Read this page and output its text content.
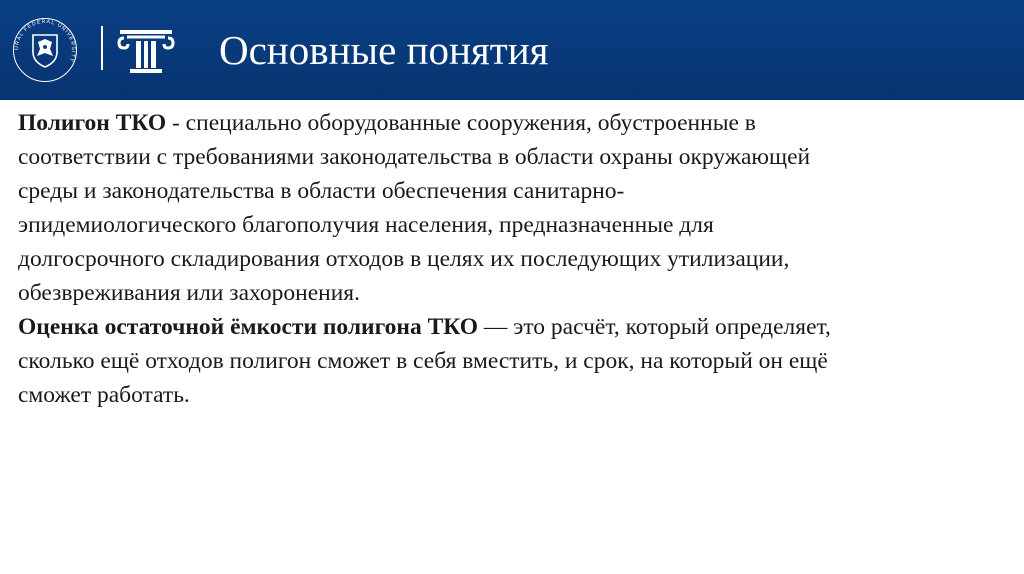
URAL FEDERAL UNIVERSITY	Основные понятия

Полигон ТКО - специально оборудованные сооружения, обустроенные в
соответствии с требованиями законодательства в области охраны окружающей
среды и законодательства в области обеспечения санитарно-
эпидемиологического благополучия населения, предназначенные для
долгосрочного складирования отходов в целях их последующих утилизации,
обезвреживания или захоронения.

Оценка остаточной ёмкости полигона ТКО — это расчёт, который определяет,
сколько ещё отходов полигон сможет в себя вместить, и срок, на который он ещё
сможет работать.
